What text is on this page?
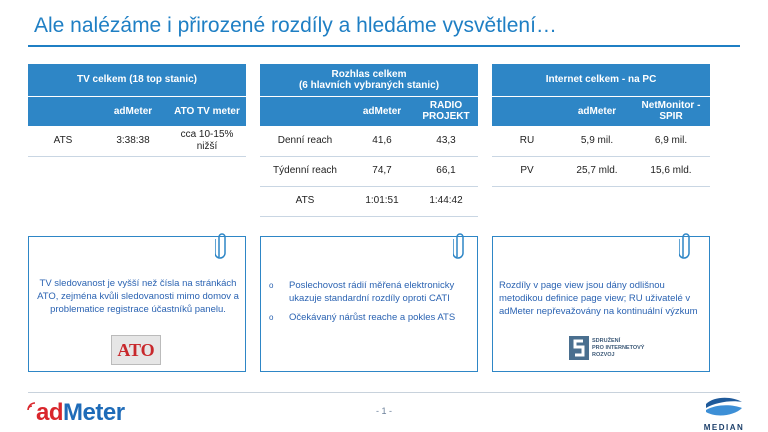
Ale nalézáme i přirozené rozdíly a hledáme vysvětlení…
TV celkem (18 top stanic)		
	adMeter	ATO TV meter
ATS	3:38:38	cca 10-15% nižší
Rozhlas celkem
(6 hlavních vybraných stanic)		

	adMeter	RADIO
PROJEKT

Denní reach	41,6	43,3
Týdenní reach	74,7	66,1
ATS	1:01:51	1:44:42
Internet celkem - na PC		
	adMeter	NetMonitor -
SPIR

RU	5,9 mil.	6,9 mil.
PV	25,7 mld.	15,6 mld.
TV sledovanost je vyšší než čísla na stránkách ATO, zejména kvůli sledovanosti mimo domov a problematice registrace účastníků panelu.
ATO
o	Poslechovost rádií měřená elektronicky ukazuje standardní rozdíly oproti CATI
o	Očekávaný nárůst reache a pokles ATS
Rozdíly v page view jsou dány odlišnou metodikou definice page view; RU uživatelé v adMeter nepřevažovány na kontinuální výzkum
SDRUŽENÍ
PRO INTERNETOVÝ
ROZVOJ
ad Meter	- 1 -
MEDIAN
